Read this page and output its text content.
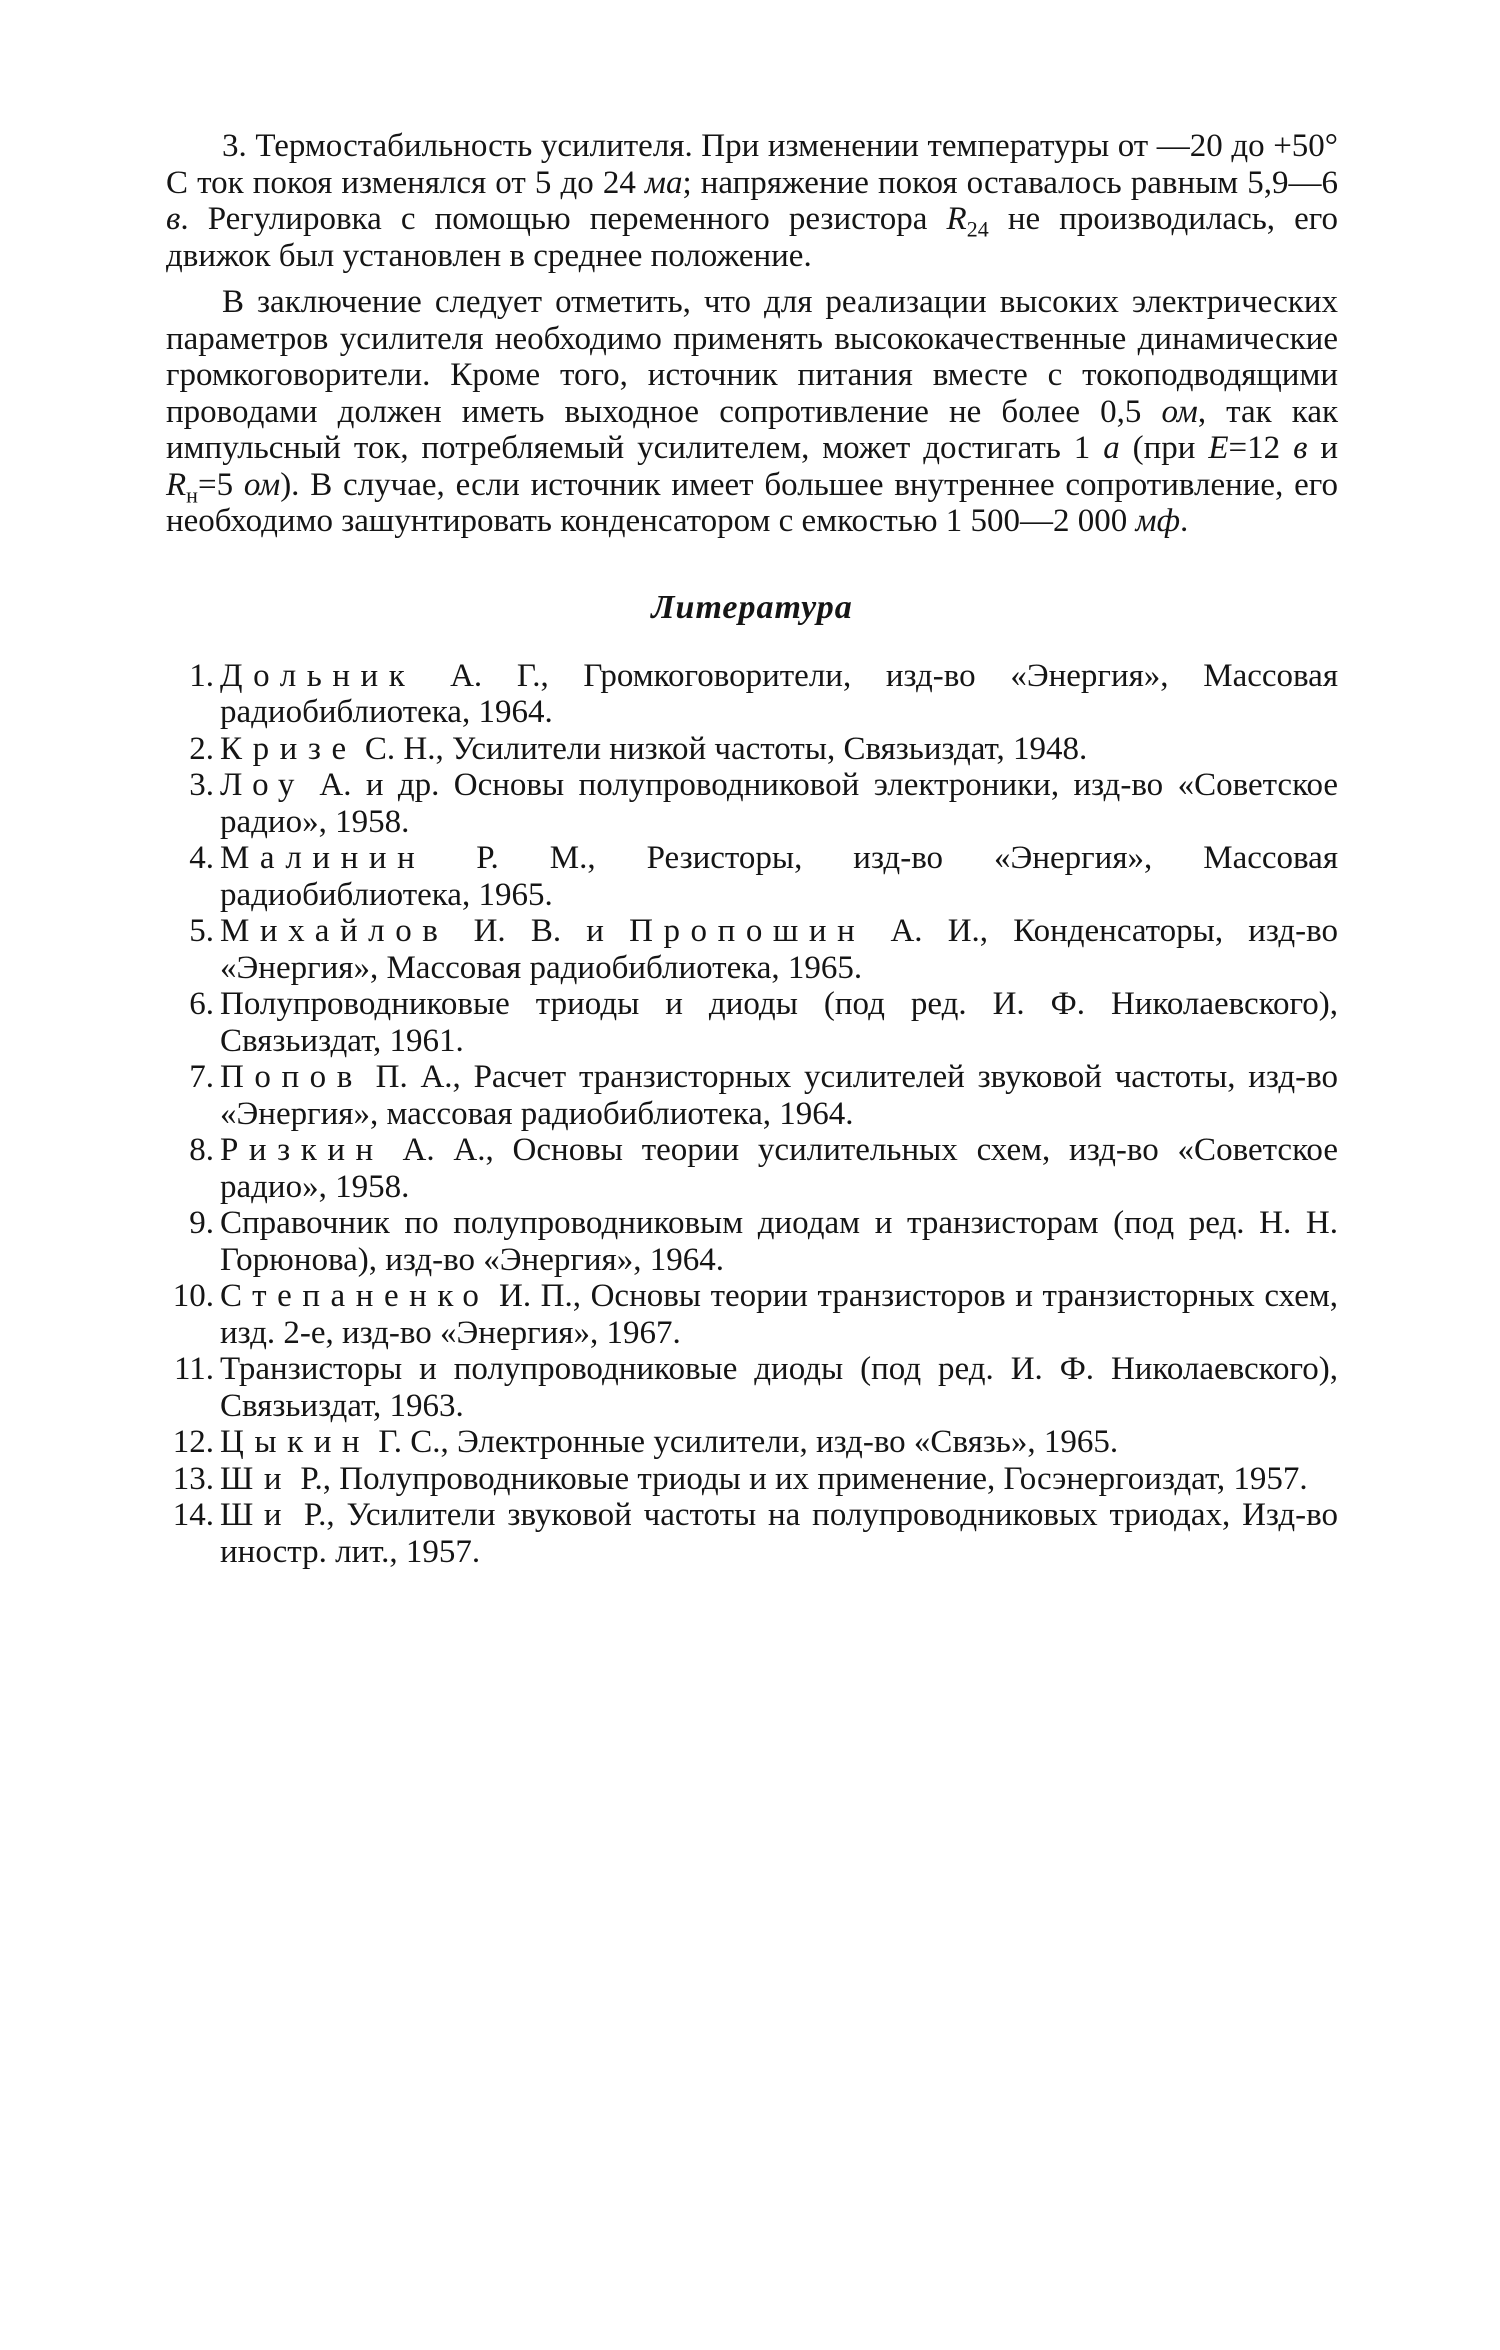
3. Термостабильность усилителя. При изменении температуры от —20 до +50° С ток покоя изменялся от 5 до 24 ма; напряжение покоя оставалось равным 5,9—6 в. Регулировка с помощью переменного резистора $R_{24}$ не производилась, его движок был установлен в среднее положение.

В заключение следует отметить, что для реализации высоких электрических параметров усилителя необходимо применять высококачественные динамические громкоговорители. Кроме того, источник питания вместе с токоподводящими проводами должен иметь выходное сопротивление не более 0,5 ом, так как импульсный ток, потребляемый усилителем, может достигать 1 а (при E=12 в и $R_н=5$ ом). В случае, если источник имеет большее внутреннее сопротивление, его необходимо зашунтировать конденсатором с емкостью 1 500—2 000 мф.

Литература
1. Дольник А. Г., Громкоговорители, изд-во «Энергия», Массовая радиобиблиотека, 1964.
2. Кризе С. Н., Усилители низкой частоты, Связьиздат, 1948.
3. Лоу А. и др. Основы полупроводниковой электроники, изд-во «Советское радио», 1958.
4. Малинин Р. М., Резисторы, изд-во «Энергия», Массовая радиобиблиотека, 1965.
5. Михайлов И. В. и Пропошин А. И., Конденсаторы, изд-во «Энергия», Массовая радиобиблиотека, 1965.
6. Полупроводниковые триоды и диоды (под ред. И. Ф. Николаевского), Связьиздат, 1961.
7. Попов П. А., Расчет транзисторных усилителей звуковой частоты, изд-во «Энергия», массовая радиобиблиотека, 1964.
8. Ризкин А. А., Основы теории усилительных схем, изд-во «Советское радио», 1958.
9. Справочник по полупроводниковым диодам и транзисторам (под ред. Н. Н. Горюнова), изд-во «Энергия», 1964.
10. Степаненко И. П., Основы теории транзисторов и транзисторных схем, изд. 2-е, изд-во «Энергия», 1967.
11. Транзисторы и полупроводниковые диоды (под ред. И. Ф. Николаевского), Связьиздат, 1963.
12. Цыкин Г. С., Электронные усилители, изд-во «Связь», 1965.
13. Ши Р., Полупроводниковые триоды и их применение, Госэнергоиздат, 1957.
14. Ши Р., Усилители звуковой частоты на полупроводниковых триодах, Изд-во иностр. лит., 1957.
